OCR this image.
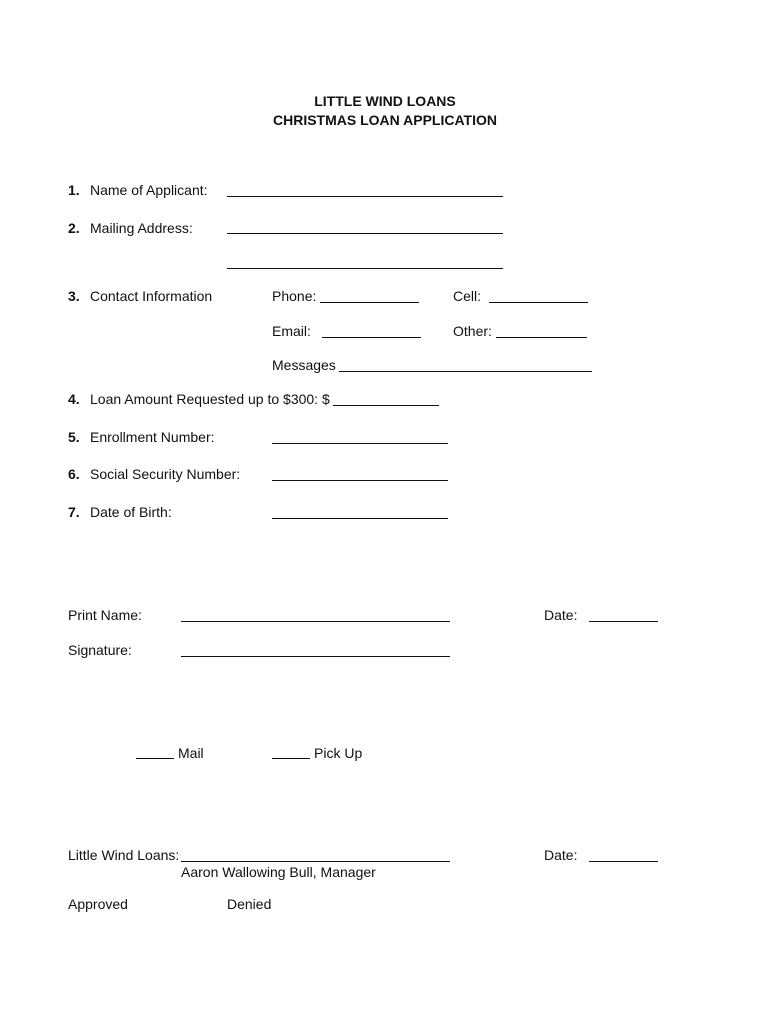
LITTLE WIND LOANS
CHRISTMAS LOAN APPLICATION
1. Name of Applicant:
2. Mailing Address:
3. Contact Information	Phone:	Cell:
Email:	Other:
Messages
4. Loan Amount Requested up to $300: $
5. Enrollment Number:
6. Social Security Number:
7. Date of Birth:
Print Name:	Date:
Signature:
Mail	Pick Up
Little Wind Loans:	Date:
Aaron Wallowing Bull, Manager
Approved	Denied
